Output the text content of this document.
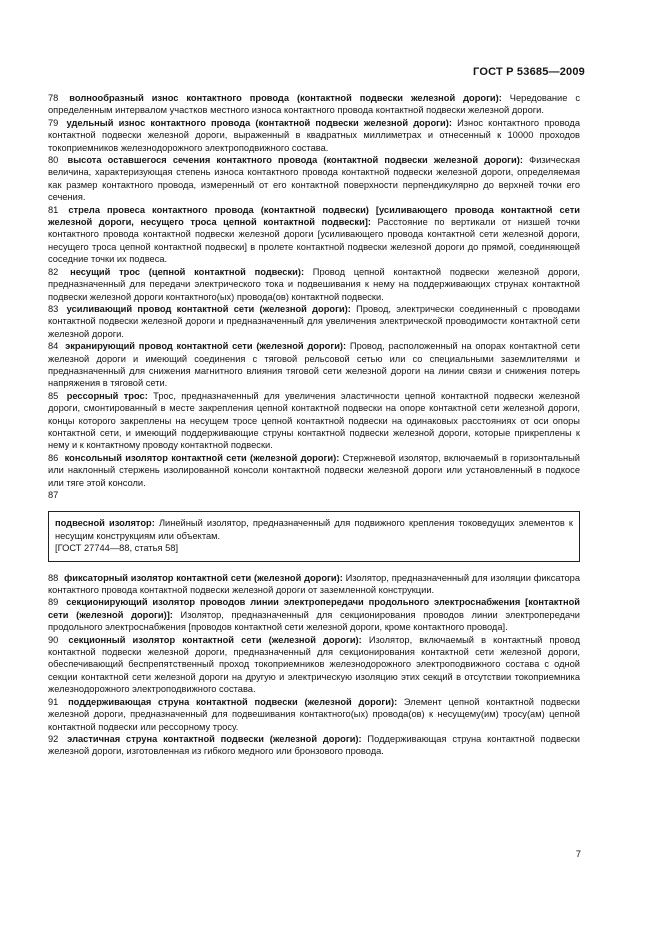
ГОСТ Р 53685—2009

78 волнообразный износ контактного провода (контактной подвески железной дороги): Чередование с определенным интервалом участков местного износа контактного провода контактной подвески железной дороги.

79 удельный износ контактного провода (контактной подвески железной дороги): Износ контактного провода контактной подвески железной дороги, выраженный в квадратных миллиметрах и отнесенный к 10000 проходов токоприемников железнодорожного электроподвижного состава.

80 высота оставшегося сечения контактного провода (контактной подвески железной дороги): Физическая величина, характеризующая степень износа контактного провода контактной подвески железной дороги, определяемая как размер контактного провода, измеренный от его контактной поверхности перпендикулярно до верхней точки его сечения.

81 стрела провеса контактного провода (контактной подвески) [усиливающего провода контактной сети железной дороги, несущего троса цепной контактной подвески]: Расстояние по вертикали от низшей точки контактного провода контактной подвески железной дороги [усиливающего провода контактной сети железной дороги, несущего троса цепной контактной подвески] в пролете контактной подвески железной дороги до прямой, соединяющей соседние точки их подвеса.

82 несущий трос (цепной контактной подвески): Провод цепной контактной подвески железной дороги, предназначенный для передачи электрического тока и подвешивания к нему на поддерживающих струнах контактной подвески железной дороги контактного(ых) провода(ов) контактной подвески.

83 усиливающий провод контактной сети (железной дороги): Провод, электрически соединенный с проводами контактной подвески железной дороги и предназначенный для увеличения электрической проводимости контактной сети железной дороги.

84 экранирующий провод контактной сети (железной дороги): Провод, расположенный на опорах контактной сети железной дороги и имеющий соединения с тяговой рельсовой сетью или со специальными заземлителями и предназначенный для снижения магнитного влияния тяговой сети железной дороги на линии связи и снижения потерь напряжения в тяговой сети.

85 рессорный трос: Трос, предназначенный для увеличения эластичности цепной контактной подвески железной дороги, смонтированный в месте закрепления цепной контактной подвески на опоре контактной сети железной дороги, концы которого закреплены на несущем тросе цепной контактной подвески на одинаковых расстояниях от оси опоры контактной сети, и имеющий поддерживающие струны контактной подвески железной дороги, которые прикреплены к нему и к контактному проводу контактной подвески.

86 консольный изолятор контактной сети (железной дороги): Стержневой изолятор, включаемый в горизонтальный или наклонный стержень изолированной консоли контактной подвески железной дороги или установленный в подкосе или тяге этой консоли.

87

подвесной изолятор: Линейный изолятор, предназначенный для подвижного крепления токоведущих элементов к несущим конструкциям или объектам.

[ГОСТ 27744—88, статья 58]

88 фиксаторный изолятор контактной сети (железной дороги): Изолятор, предназначенный для изоляции фиксатора контактного провода контактной подвески железной дороги от заземленной конструкции.

89 секционирующий изолятор проводов линии электропередачи продольного электроснабжения [контактной сети (железной дороги)]: Изолятор, предназначенный для секционирования проводов линии электропередачи продольного электроснабжения [проводов контактной сети железной дороги, кроме контактного провода].

90 секционный изолятор контактной сети (железной дороги): Изолятор, включаемый в контактный провод контактной подвески железной дороги, предназначенный для секционирования контактной сети железной дороги, обеспечивающий беспрепятственный проход токоприемников железнодорожного электроподвижного состава с одной секции контактной сети железной дороги на другую и электрическую изоляцию этих секций в отсутствии токоприемника железнодорожного электроподвижного состава.

91 поддерживающая струна контактной подвески (железной дороги): Элемент цепной контактной подвески железной дороги, предназначенный для подвешивания контактного(ых) провода(ов) к несущему(им) тросу(ам) цепной контактной подвески или рессорному тросу.

92 эластичная струна контактной подвески (железной дороги): Поддерживающая струна контактной подвески железной дороги, изготовленная из гибкого медного или бронзового провода.

7
